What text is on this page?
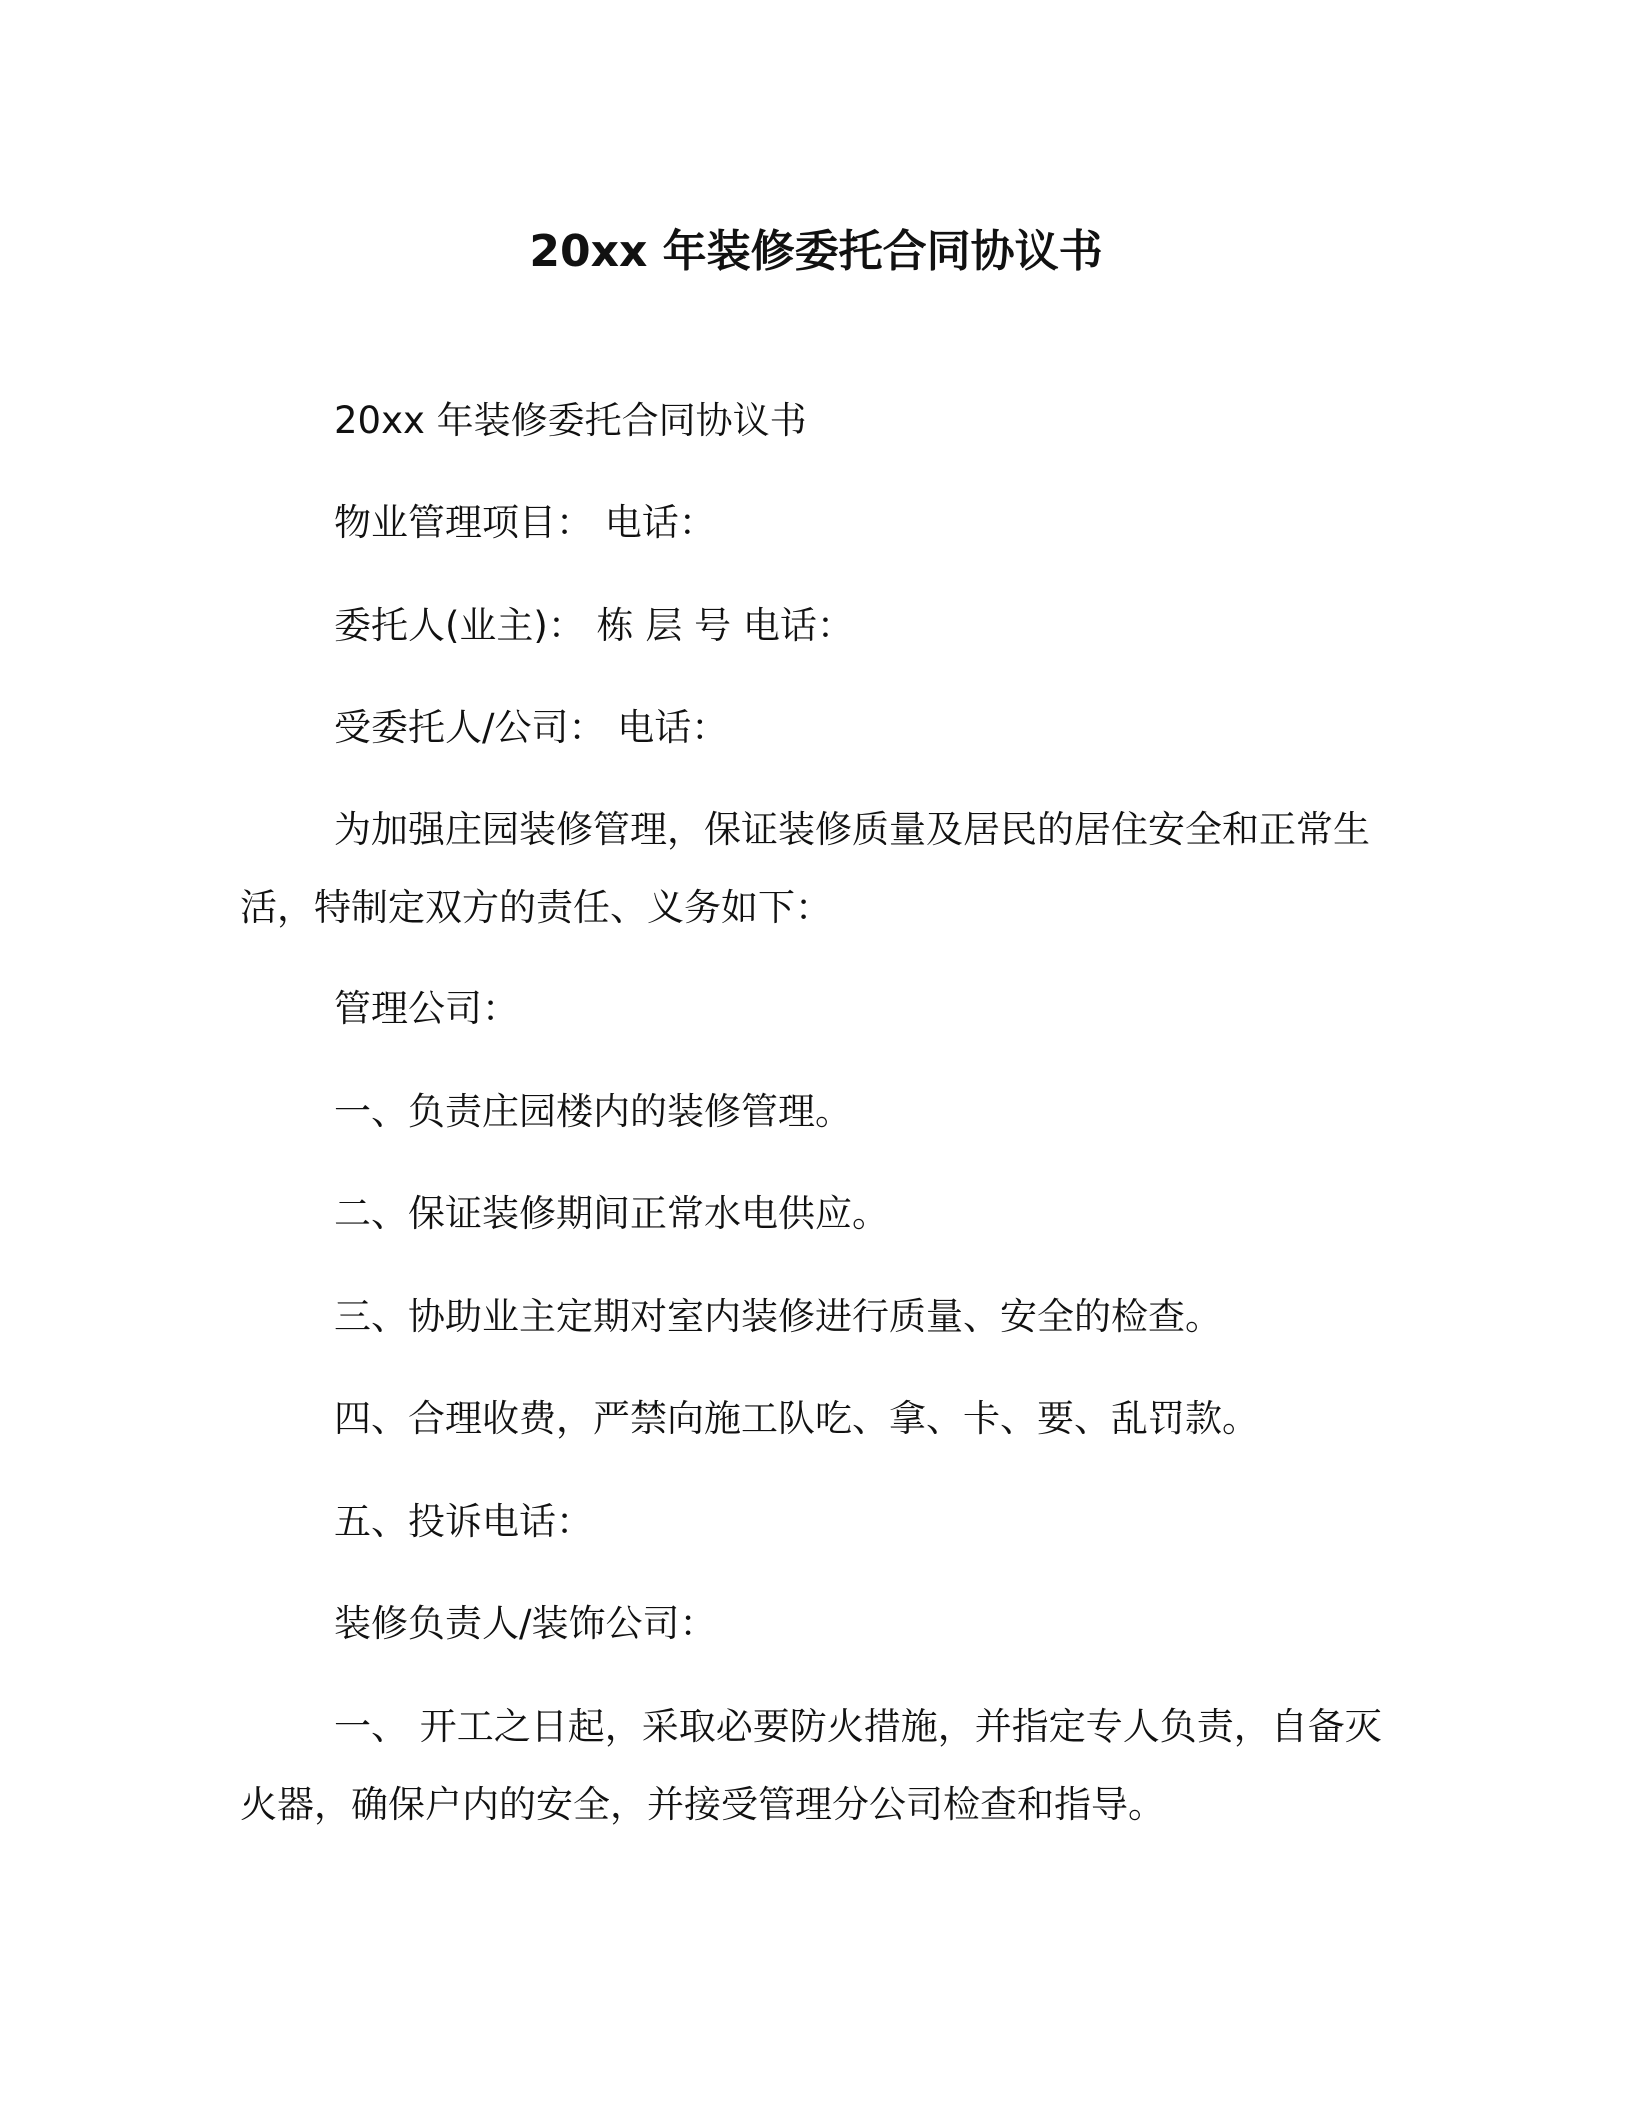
20xx 年装修委托合同协议书
20xx 年装修委托合同协议书
物业管理项目： 电话：
委托人(业主)： 栋 层 号 电话：
受委托人/公司： 电话：
为加强庄园装修管理，保证装修质量及居民的居住安全和正常生活，特制定双方的责任、义务如下：
管理公司：
一、负责庄园楼内的装修管理。
二、保证装修期间正常水电供应。
三、协助业主定期对室内装修进行质量、安全的检查。
四、合理收费，严禁向施工队吃、拿、卡、要、乱罚款。
五、投诉电话：
装修负责人/装饰公司：
一、 开工之日起，采取必要防火措施，并指定专人负责，自备灭火器，确保户内的安全，并接受管理分公司检查和指导。
